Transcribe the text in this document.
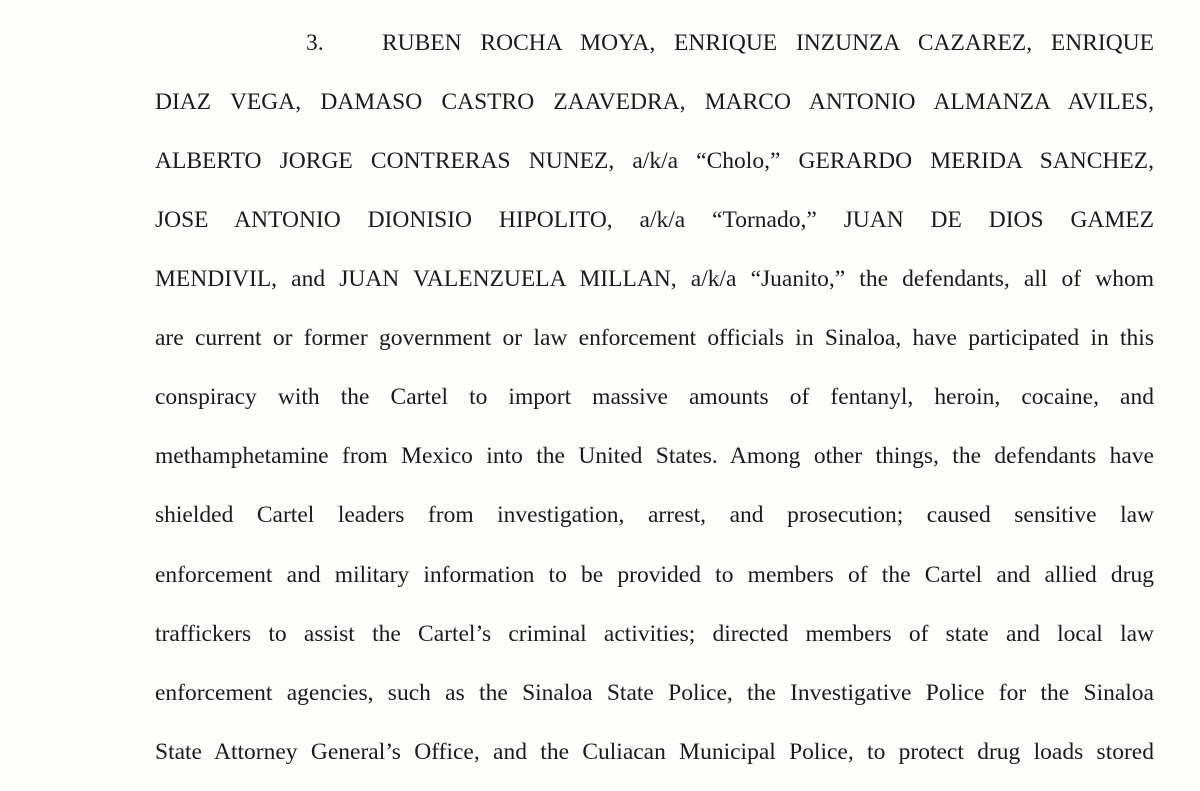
3. RUBEN ROCHA MOYA, ENRIQUE INZUNZA CAZAREZ, ENRIQUE
DIAZ VEGA, DAMASO CASTRO ZAAVEDRA, MARCO ANTONIO ALMANZA AVILES,
ALBERTO JORGE CONTRERAS NUNEZ, a/k/a “Cholo,” GERARDO MERIDA SANCHEZ,
JOSE ANTONIO DIONISIO HIPOLITO, a/k/a “Tornado,” JUAN DE DIOS GAMEZ
MENDIVIL, and JUAN VALENZUELA MILLAN, a/k/a “Juanito,” the defendants, all of whom
are current or former government or law enforcement officials in Sinaloa, have participated in this
conspiracy with the Cartel to import massive amounts of fentanyl, heroin, cocaine, and
methamphetamine from Mexico into the United States. Among other things, the defendants have
shielded Cartel leaders from investigation, arrest, and prosecution; caused sensitive law
enforcement and military information to be provided to members of the Cartel and allied drug
traffickers to assist the Cartel’s criminal activities; directed members of state and local law
enforcement agencies, such as the Sinaloa State Police, the Investigative Police for the Sinaloa
State Attorney General’s Office, and the Culiacan Municipal Police, to protect drug loads stored
